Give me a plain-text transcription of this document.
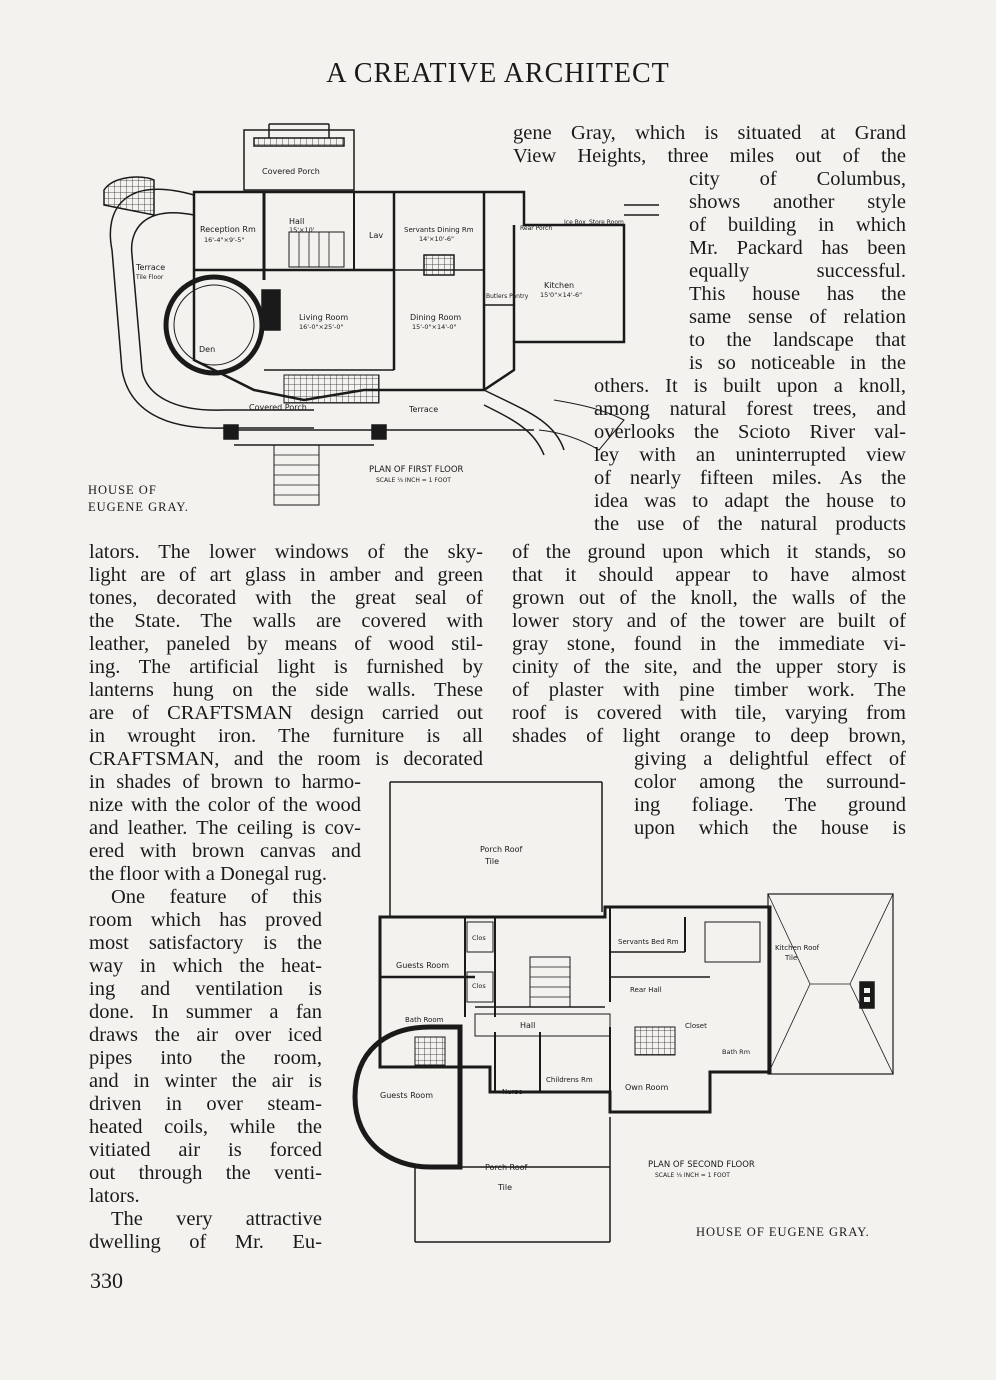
A CREATIVE ARCHITECT
Covered Porch
Reception Rm
16'-4"×9'-5"
Hall
15'×10'
Lav
Servants Dining Rm
14'×10'-6"
Rear Porch
Ice Box Store Room
Kitchen
15'0"×14'-6"
Butlers Pantry
Terrace
Tile Floor
Den
Living Room
16'-0"×25'-0"
Dining Room
15'-0"×14'-0"
Covered Porch	Terrace
PLAN OF FIRST FLOOR
SCALE ⅛ INCH = 1 FOOT
HOUSE OF
EUGENE GRAY.
gene Gray, which is situated at Grand
View Heights, three miles out of the
city of Columbus,
shows another style
of building in which
Mr. Packard has been
equally successful.
This house has the
same sense of relation
to the landscape that
is so noticeable in the
others. It is built upon a knoll,
among natural forest trees, and
overlooks the Scioto River val-
ley with an uninterrupted view
of nearly fifteen miles. As the
idea was to adapt the house to
the use of the natural products
of the ground upon which it stands, so
that it should appear to have almost
grown out of the knoll, the walls of the
lower story and of the tower are built of
gray stone, found in the immediate vi-
cinity of the site, and the upper story is
of plaster with pine timber work. The
roof is covered with tile, varying from
shades of light orange to deep brown,
giving a delightful effect of
color among the surround-
ing foliage. The ground
upon which the house is
lators. The lower windows of the sky-
light are of art glass in amber and green
tones, decorated with the great seal of
the State. The walls are covered with
leather, paneled by means of wood stil-
ing. The artificial light is furnished by
lanterns hung on the side walls. These
are of CRAFTSMAN design carried out
in wrought iron. The furniture is all
CRAFTSMAN, and the room is decorated
in shades of brown to harmo-
nize with the color of the wood
and leather. The ceiling is cov-
ered with brown canvas and
the floor with a Donegal rug.
One feature of this
room which has proved
most satisfactory is the
way in which the heat-
ing and ventilation is
done. In summer a fan
draws the air over iced
pipes into the room,
and in winter the air is
driven in over steam-
heated coils, while the
vitiated air is forced
out through the venti-
lators.
The very attractive
dwelling of Mr. Eu-
Porch Roof
Tile
Guests Room
Clos
Clos
Servants Bed Rm
Rear Hall
Kitchen Roof
Tile
Bath Room
Hall	Closet
Bath Rm
Guests Room	Nurse
Childrens Rm
Own Room
Porch Roof
Tile
PLAN OF SECOND FLOOR
SCALE ⅛ INCH = 1 FOOT
HOUSE OF EUGENE GRAY.
330
